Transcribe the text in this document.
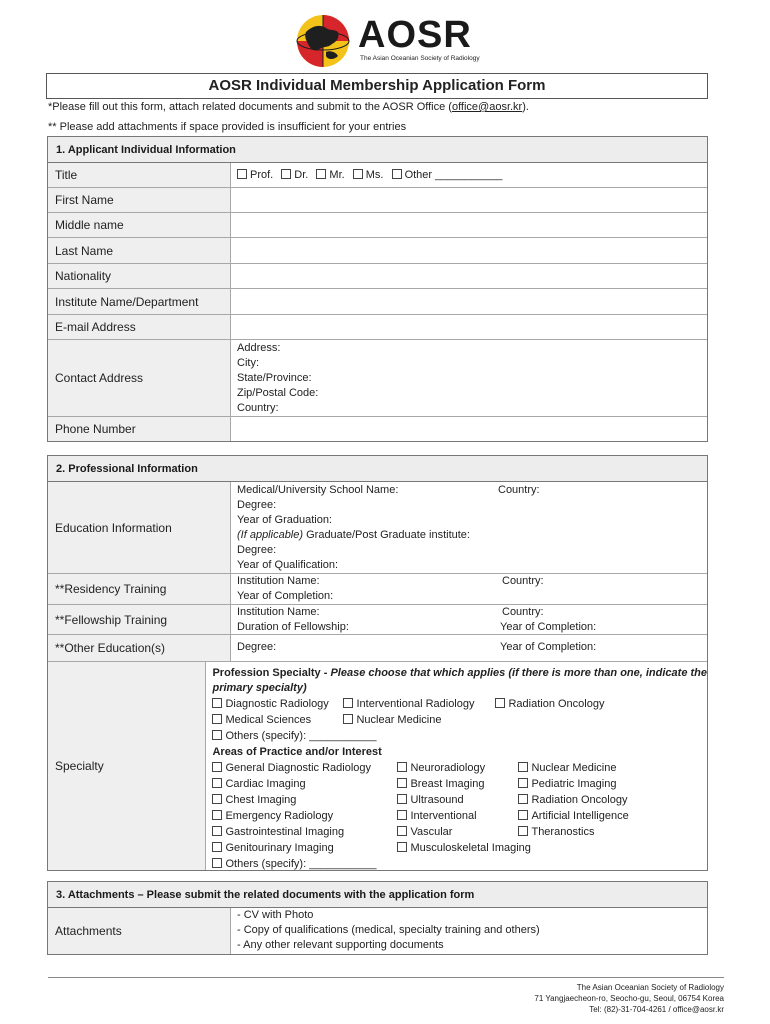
AOSR
The Asian Oceanian Society of Radiology
AOSR Individual Membership Application Form
*Please fill out this form, attach related documents and submit to the AOSR Office (office@aosr.kr).
** Please add attachments if space provided is insufficient for your entries
1. Applicant Individual Information
Title	Prof. Dr. Mr. Ms. Other ___________
First Name
Middle name
Last Name
Nationality
Institute Name/Department
E-mail Address
Contact Address
Address:
City:
State/Province:
Zip/Postal Code:
Country:
Phone Number
2. Professional Information
Education Information
Medical/University School Name:	Country:
Degree:
Year of Graduation:
(If applicable) Graduate/Post Graduate institute:
Degree:
Year of Qualification:
**Residency Training
Institution Name:	Country:
Year of Completion:
**Fellowship Training
Institution Name:	Country:
Duration of Fellowship:	Year of Completion:
**Other Education(s)	Degree:	Year of Completion:
Specialty
Profession Specialty - Please choose that which applies (if there is more than one, indicate the
primary specialty)
Diagnostic Radiology	Interventional Radiology	Radiation Oncology
Medical Sciences	Nuclear Medicine
Others (specify): ___________
Areas of Practice and/or Interest
General Diagnostic Radiology	Neuroradiology	Nuclear Medicine
Cardiac Imaging	Breast Imaging	Pediatric Imaging
Chest Imaging	Ultrasound	Radiation Oncology
Emergency Radiology	Interventional	Artificial Intelligence
Gastrointestinal Imaging	Vascular	Theranostics
Genitourinary Imaging	Musculoskeletal Imaging
Others (specify): ___________
3. Attachments – Please submit the related documents with the application form
Attachments
- CV with Photo
- Copy of qualifications (medical, specialty training and others)
- Any other relevant supporting documents
The Asian Oceanian Society of Radiology
71 Yangjaecheon-ro, Seocho-gu, Seoul, 06754 Korea
Tel: (82)-31-704-4261 / office@aosr.kr
